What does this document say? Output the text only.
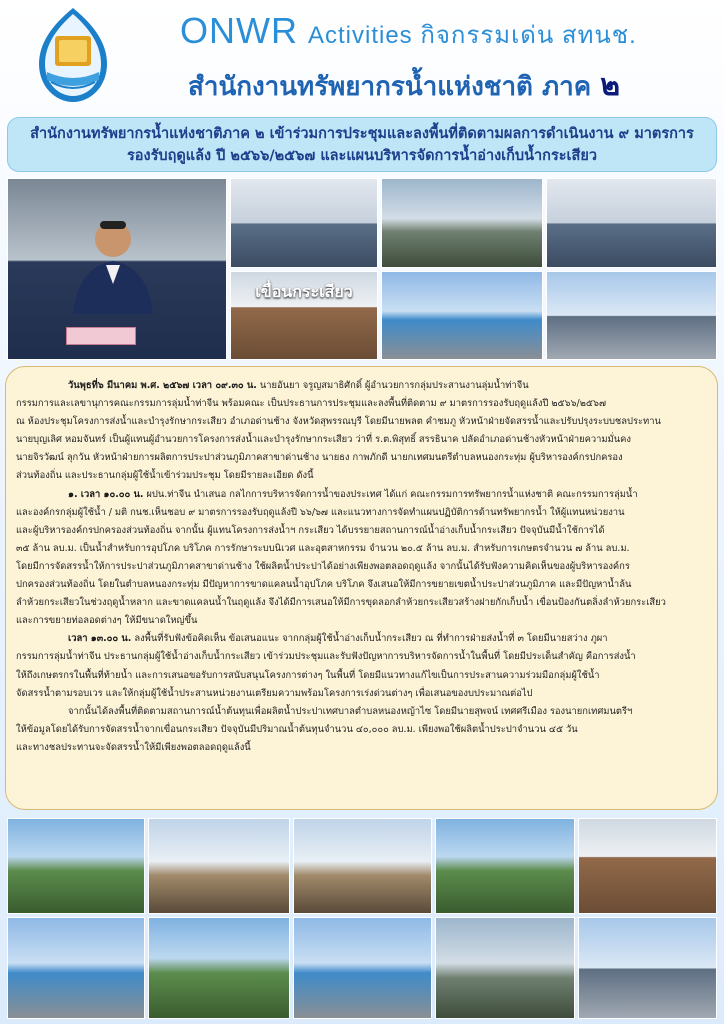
ONWR Activities กิจกรรมเด่น สทนช.
สำนักงานทรัพยากรน้ำแห่งชาติ ภาค ๒
สำนักงานทรัพยากรน้ำแห่งชาติภาค ๒ เข้าร่วมการประชุมและลงพื้นที่ติดตามผลการดำเนินงาน ๙ มาตรการ
รองรับฤดูแล้ง ปี ๒๕๖๖/๒๕๖๗ และแผนบริหารจัดการน้ำอ่างเก็บน้ำกระเสียว
เขื่อนกระเสียว

วันพุธที่๖ มีนาคม พ.ศ. ๒๕๖๗ เวลา ๐๙.๓๐ น. นายอันยา จรูญสมาธิศักดิ์ ผู้อำนวยการกลุ่มประสานงานลุ่มน้ำท่าจีน

กรรมการและเลขานุการคณะกรรมการลุ่มน้ำท่าจีน พร้อมคณะ เป็นประธานการประชุมและลงพื้นที่ติดตาม ๙ มาตรการรองรับฤดูแล้งปี ๒๕๖๖/๒๕๖๗

ณ ห้องประชุมโครงการส่งน้ำและบำรุงรักษากระเสียว อำเภอด่านช้าง จังหวัดสุพรรณบุรี โดยมีนายพลต คำชมภู หัวหน้าฝ่ายจัดสรรน้ำและปรับปรุงระบบชลประทาน

นายบุญเลิศ หอมจันทร์ เป็นผู้แทนผู้อำนวยการโครงการส่งน้ำและบำรุงรักษากระเสียว ว่าที่ ร.ต.พิสุทธิ์ สรรธินาค ปลัดอำเภอด่านช้างหัวหน้าฝ่ายความมั่นคง

นายจิรวัฒน์ ลุกวัน หัวหน้าฝ่ายการผลิตการประปาส่วนภูมิภาคสาขาด่านช้าง นายธง กาพภักดี นายกเทศมนตรีตำบลหนองกระทุ่ม ผู้บริหารองค์กรปกครอง

ส่วนท้องถิ่น และประธานกลุ่มผู้ใช้น้ำเข้าร่วมประชุม โดยมีรายละเอียด ดังนี้

๑. เวลา ๑๐.๐๐ น. ผปน.ท่าจีน นำเสนอ กลไกการบริหารจัดการน้ำของประเทศ ได้แก่ คณะกรรมการทรัพยากรน้ำแห่งชาติ คณะกรรมการลุ่มน้ำ

และองค์กรกลุ่มผู้ใช้น้ำ / มติ กนช.เห็นชอบ ๙ มาตรการรองรับฤดูแล้งปี ๖๖/๖๗ และแนวทางการจัดทำแผนปฏิบัติการด้านทรัพยากรน้ำ ให้ผู้แทนหน่วยงาน

และผู้บริหารองค์กรปกครองส่วนท้องถิ่น จากนั้น ผู้แทนโครงการส่งน้ำฯ กระเสียว ได้บรรยายสถานการณ์น้ำอ่างเก็บน้ำกระเสียว ปัจจุบันมีน้ำใช้การได้

๓๕ ล้าน ลบ.ม. เป็นน้ำสำหรับการอุปโภค บริโภค การรักษาระบบนิเวศ และอุตสาหกรรม จำนวน ๒๐.๕ ล้าน ลบ.ม. สำหรับการเกษตรจำนวน ๗ ล้าน ลบ.ม.

โดยมีการจัดสรรน้ำให้การประปาส่วนภูมิภาคสาขาด่านช้าง ใช้ผลิตน้ำประปาได้อย่างเพียงพอตลอดฤดูแล้ง จากนั้นได้รับฟังความคิดเห็นของผู้บริหารองค์กร

ปกครองส่วนท้องถิ่น โดยในตำบลหนองกระทุ่ม มีปัญหาการขาดแคลนน้ำอุปโภค บริโภค จึงเสนอให้มีการขยายเขตน้ำประปาส่วนภูมิภาค และมีปัญหาน้ำล้น

ลำห้วยกระเสียวในช่วงฤดูน้ำหลาก และขาดแคลนน้ำในฤดูแล้ง จึงได้มีการเสนอให้มีการขุดลอกลำห้วยกระเสียวสร้างฝายกักเก็บน้ำ เขื่อนป้องกันตลิ่งลำห้วยกระเสียว

และการขยายท่อลอดต่างๆ ให้มีขนาดใหญ่ขึ้น

เวลา ๑๓.๐๐ น. ลงพื้นที่รับฟังข้อคิดเห็น ข้อเสนอแนะ จากกลุ่มผู้ใช้น้ำอ่างเก็บน้ำกระเสียว ณ ที่ทำการฝ่ายส่งน้ำที่ ๓ โดยมีนายสว่าง ภูผา

กรรมการลุ่มน้ำท่าจีน ประธานกลุ่มผู้ใช้น้ำอ่างเก็บน้ำกระเสียว เข้าร่วมประชุมและรับฟังปัญหาการบริหารจัดการน้ำในพื้นที่ โดยมีประเด็นสำคัญ คือการส่งน้ำ

ให้ถึงเกษตรกรในพื้นที่ท้ายน้ำ และการเสนอขอรับการสนับสนุนโครงการต่างๆ ในพื้นที่ โดยมีแนวทางแก้ไขเป็นการประสานความร่วมมือกลุ่มผู้ใช้น้ำ

จัดสรรน้ำตามรอบเวร และให้กลุ่มผู้ใช้น้ำประสานหน่วยงานเตรียมความพร้อมโครงการเร่งด่วนต่างๆ เพื่อเสนอของบประมาณต่อไป

จากนั้นได้ลงพื้นที่ติดตามสถานการณ์น้ำต้นทุนเพื่อผลิตน้ำประปาเทศบาลตำบลหนองหญ้าไซ โดยมีนายสุพจน์ เทศศรีเมือง รองนายกเทศมนตรีฯ

ให้ข้อมูลโดยได้รับการจัดสรรน้ำจากเขื่อนกระเสียว ปัจจุบันมีปริมาณน้ำต้นทุนจำนวน ๔๐,๐๐๐ ลบ.ม. เพียงพอใช้ผลิตน้ำประปาจำนวน ๔๕ วัน

และทางชลประทานจะจัดสรรน้ำให้มีเพียงพอตลอดฤดูแล้งนี้
